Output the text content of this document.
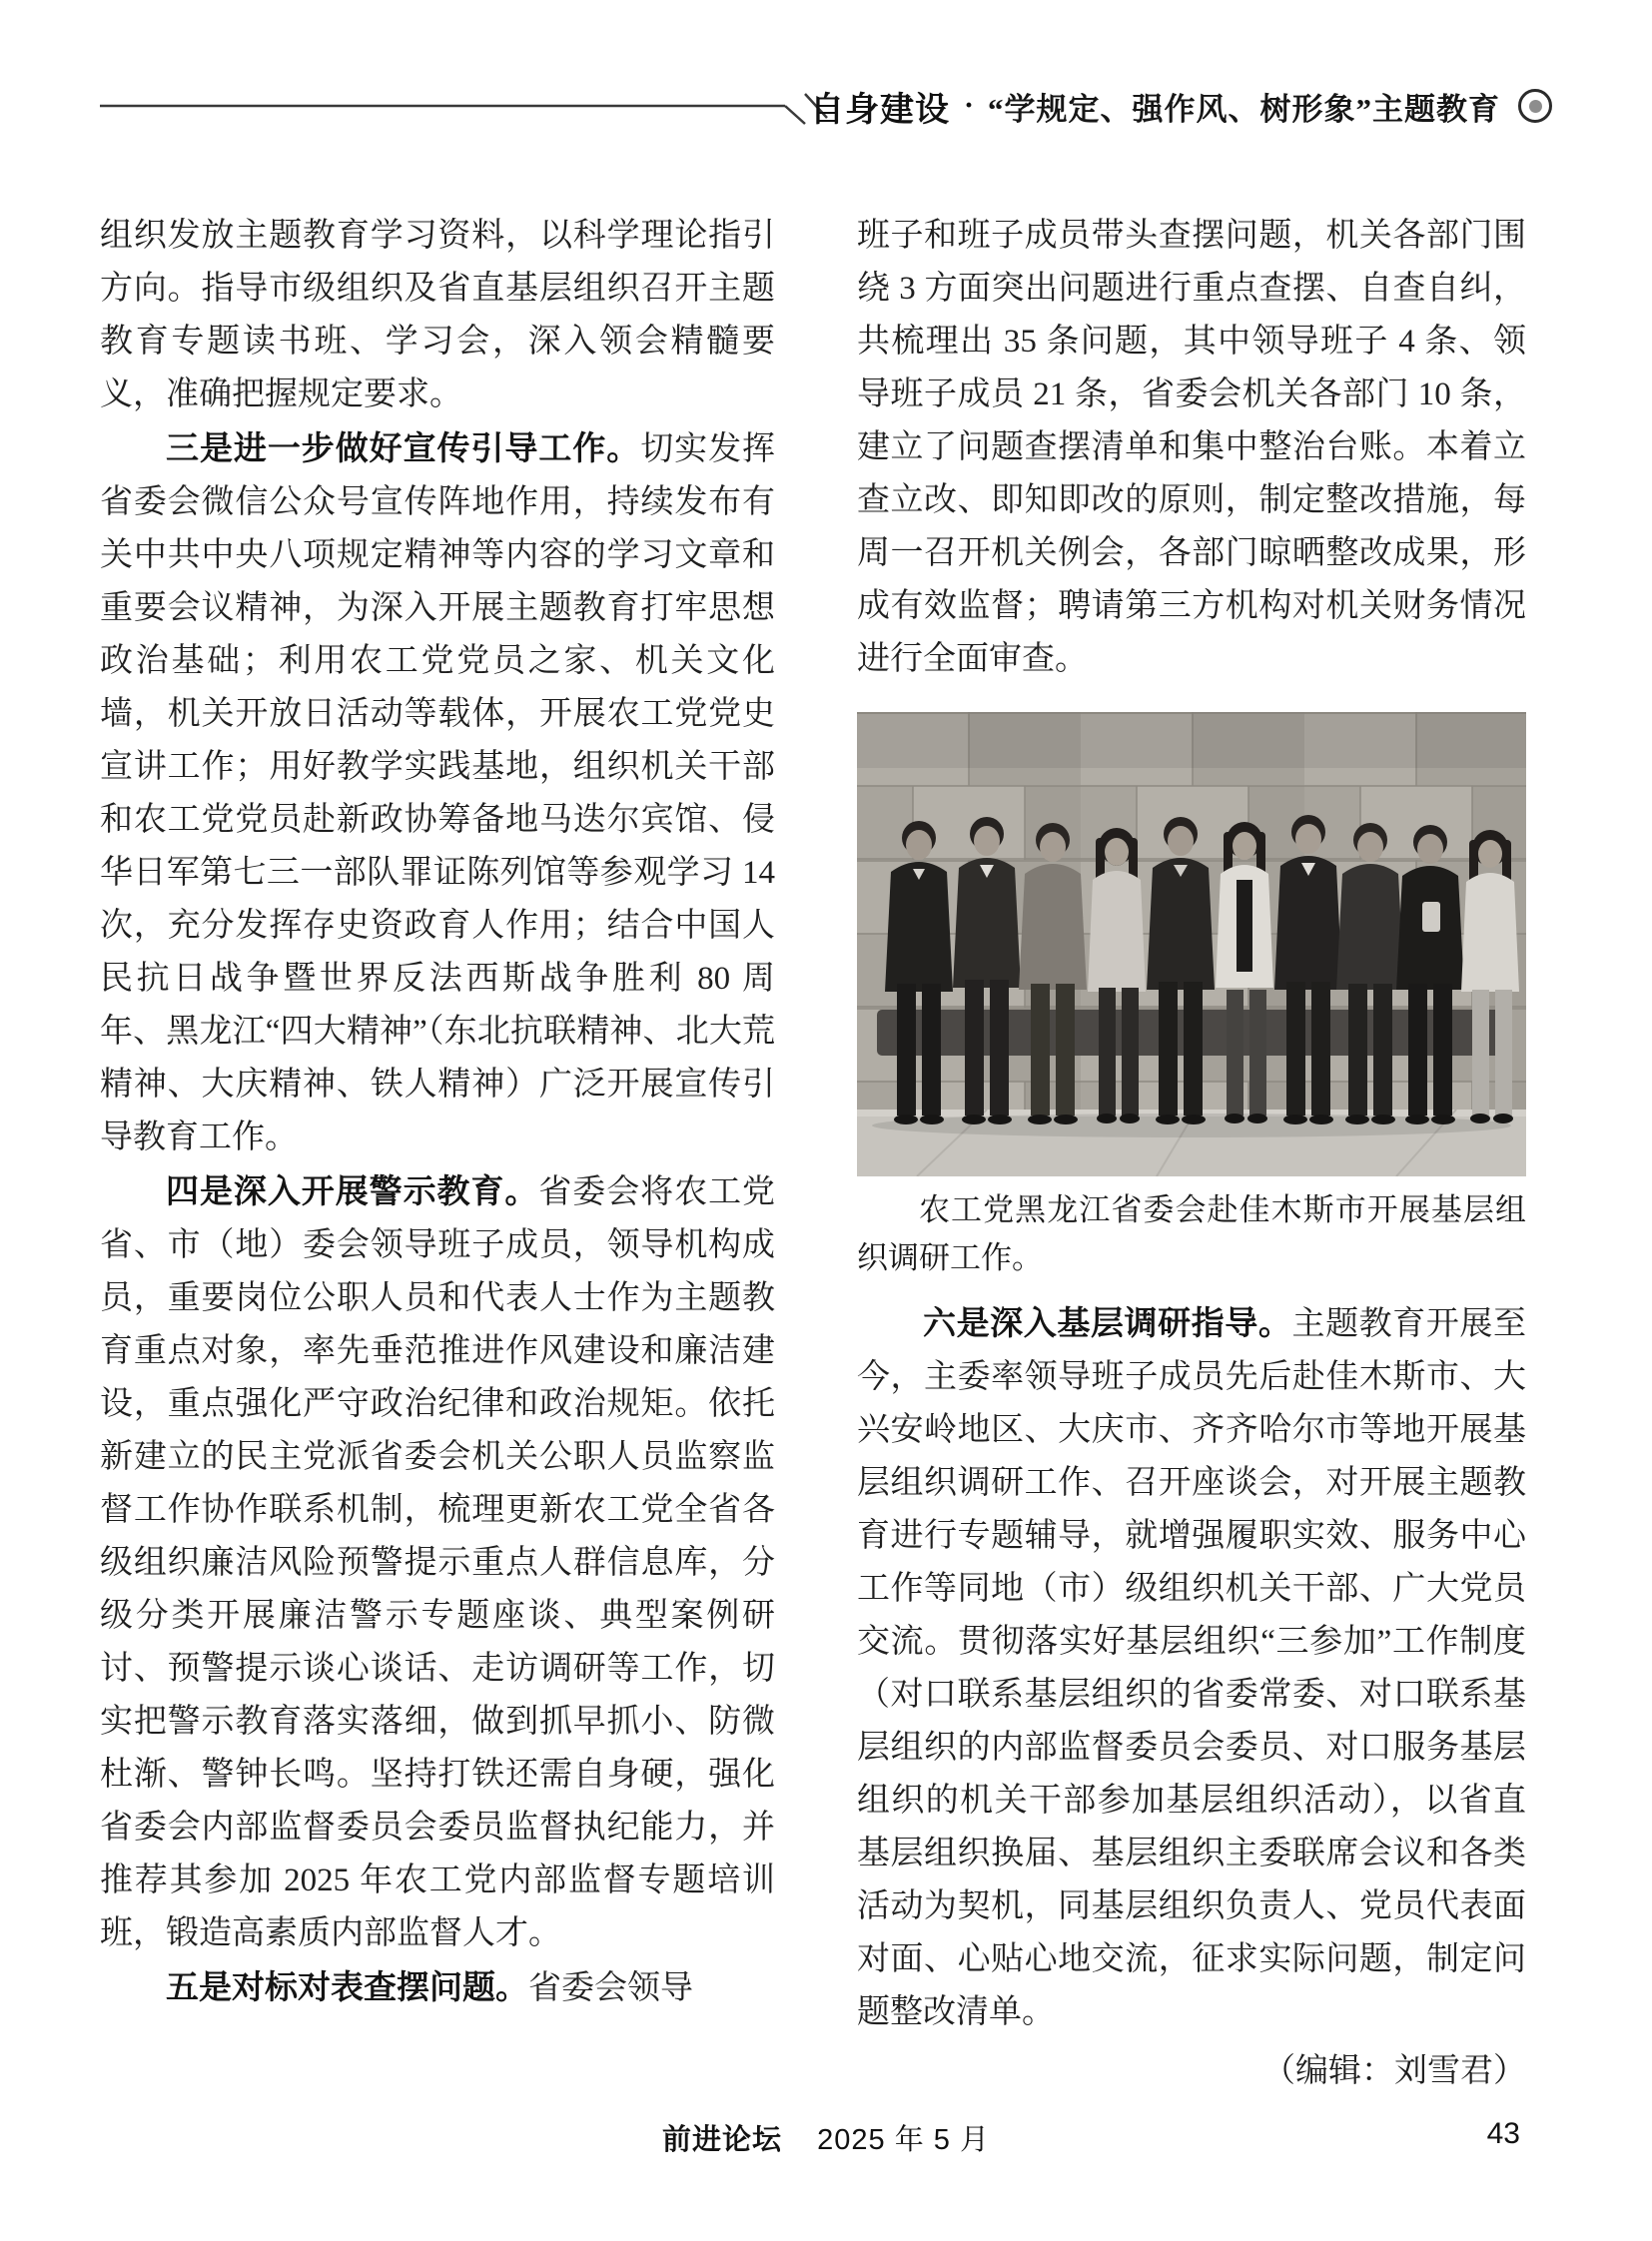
自身建设 · “学规定、强作风、树形象”主题教育

组织发放主题教育学习资料，以科学理论指引方向。指导市级组织及省直基层组织召开主题教育专题读书班、学习会，深入领会精髓要义，准确把握规定要求。

三是进一步做好宣传引导工作。切实发挥省委会微信公众号宣传阵地作用，持续发布有关中共中央八项规定精神等内容的学习文章和重要会议精神，为深入开展主题教育打牢思想政治基础；利用农工党党员之家、机关文化墙，机关开放日活动等载体，开展农工党党史宣讲工作；用好教学实践基地，组织机关干部和农工党党员赴新政协筹备地马迭尔宾馆、侵华日军第七三一部队罪证陈列馆等参观学习 14 次，充分发挥存史资政育人作用；结合中国人民抗日战争暨世界反法西斯战争胜利 80 周年、黑龙江“四大精神”（东北抗联精神、北大荒精神、大庆精神、铁人精神）广泛开展宣传引导教育工作。

四是深入开展警示教育。省委会将农工党省、市（地）委会领导班子成员，领导机构成员，重要岗位公职人员和代表人士作为主题教育重点对象，率先垂范推进作风建设和廉洁建设，重点强化严守政治纪律和政治规矩。依托新建立的民主党派省委会机关公职人员监察监督工作协作联系机制，梳理更新农工党全省各级组织廉洁风险预警提示重点人群信息库，分级分类开展廉洁警示专题座谈、典型案例研讨、预警提示谈心谈话、走访调研等工作，切实把警示教育落实落细，做到抓早抓小、防微杜渐、警钟长鸣。坚持打铁还需自身硬，强化省委会内部监督委员会委员监督执纪能力，并推荐其参加 2025 年农工党内部监督专题培训班，锻造高素质内部监督人才。

五是对标对表查摆问题。省委会领导

班子和班子成员带头查摆问题，机关各部门围绕 3 方面突出问题进行重点查摆、自查自纠，共梳理出 35 条问题，其中领导班子 4 条、领导班子成员 21 条，省委会机关各部门 10 条，建立了问题查摆清单和集中整治台账。本着立查立改、即知即改的原则，制定整改措施，每周一召开机关例会，各部门晾晒整改成果，形成有效监督；聘请第三方机构对机关财务情况进行全面审查。

农工党黑龙江省委会赴佳木斯市开展基层组织调研工作。

六是深入基层调研指导。主题教育开展至今，主委率领导班子成员先后赴佳木斯市、大兴安岭地区、大庆市、齐齐哈尔市等地开展基层组织调研工作、召开座谈会，对开展主题教育进行专题辅导，就增强履职实效、服务中心工作等同地（市）级组织机关干部、广大党员交流。贯彻落实好基层组织“三参加”工作制度（对口联系基层组织的省委常委、对口联系基层组织的内部监督委员会委员、对口服务基层组织的机关干部参加基层组织活动），以省直基层组织换届、基层组织主委联席会议和各类活动为契机，同基层组织负责人、党员代表面对面、心贴心地交流，征求实际问题，制定问题整改清单。

（编辑：刘雪君）

前进论坛 2025 年 5 月	43
